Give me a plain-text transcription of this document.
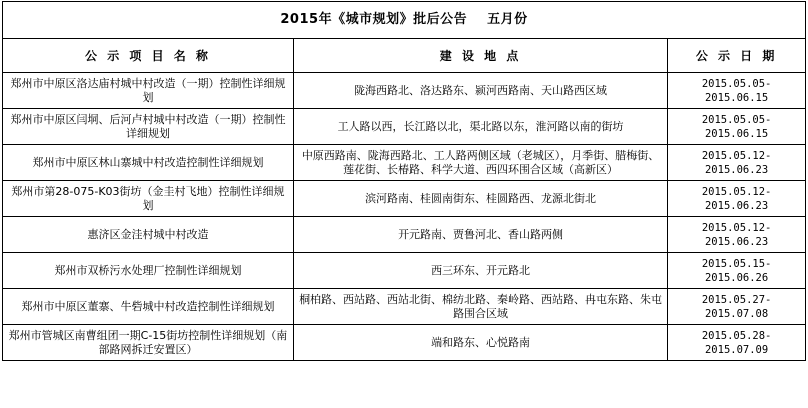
2015年《城市规划》批后公告 五月份		
公 示 项 目 名 称	建 设 地 点	公 示 日 期
郑州市中原区洛达庙村城中村改造（一期）控制性详细规划	陇海西路北、洛达路东、颍河西路南、天山路西区域	2015.05.05-2015.06.15
郑州市中原区闫垌、后河卢村城中村改造（一期）控制性详细规划	工人路以西，长江路以北，渠北路以东，淮河路以南的街坊	2015.05.05-2015.06.15
郑州市中原区林山寨城中村改造控制性详细规划	中原西路南、陇海西路北、工人路两侧区域（老城区），月季街、腊梅街、莲花街、长椿路、科学大道、西四环围合区域（高新区）	2015.05.12-2015.06.23
郑州市第28-075-K03街坊（金圭村飞地）控制性详细规划	滨河路南、桂圆南街东、桂圆路西、龙源北街北	2015.05.12-2015.06.23
惠济区金洼村城中村改造	开元路南、贾鲁河北、香山路两侧	2015.05.12-2015.06.23
郑州市双桥污水处理厂控制性详细规划	西三环东、开元路北	2015.05.15-2015.06.26
郑州市中原区董寨、牛砦城中村改造控制性详细规划	桐柏路、西站路、西站北街、棉纺北路、秦岭路、西站路、冉屯东路、朱屯路围合区域	2015.05.27-2015.07.08
郑州市管城区南曹组团一期C-15街坊控制性详细规划（南部路网拆迁安置区）	端和路东、心悦路南	2015.05.28-2015.07.09
